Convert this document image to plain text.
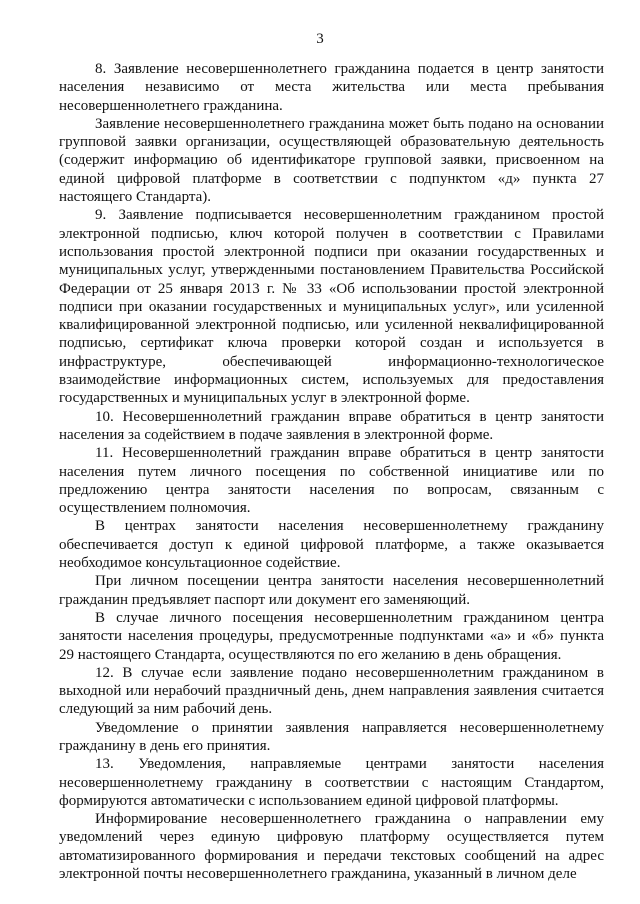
3

8. Заявление несовершеннолетнего гражданина подается в центр занятости населения независимо от места жительства или места пребывания несовершеннолетнего гражданина.

Заявление несовершеннолетнего гражданина может быть подано на основании групповой заявки организации, осуществляющей образовательную деятельность (содержит информацию об идентификаторе групповой заявки, присвоенном на единой цифровой платформе в соответствии с подпунктом «д» пункта 27 настоящего Стандарта).

9. Заявление подписывается несовершеннолетним гражданином простой электронной подписью, ключ которой получен в соответствии с Правилами использования простой электронной подписи при оказании государственных и муниципальных услуг, утвержденными постановлением Правительства Российской Федерации от 25 января 2013 г. № 33 «Об использовании простой электронной подписи при оказании государственных и муниципальных услуг», или усиленной квалифицированной электронной подписью, или усиленной неквалифицированной подписью, сертификат ключа проверки которой создан и используется в инфраструктуре, обеспечивающей информационно-технологическое взаимодействие информационных систем, используемых для предоставления государственных и муниципальных услуг в электронной форме.

10. Несовершеннолетний гражданин вправе обратиться в центр занятости населения за содействием в подаче заявления в электронной форме.

11. Несовершеннолетний гражданин вправе обратиться в центр занятости населения путем личного посещения по собственной инициативе или по предложению центра занятости населения по вопросам, связанным с осуществлением полномочия.

В центрах занятости населения несовершеннолетнему гражданину обеспечивается доступ к единой цифровой платформе, а также оказывается необходимое консультационное содействие.

При личном посещении центра занятости населения несовершеннолетний гражданин предъявляет паспорт или документ его заменяющий.

В случае личного посещения несовершеннолетним гражданином центра занятости населения процедуры, предусмотренные подпунктами «а» и «б» пункта 29 настоящего Стандарта, осуществляются по его желанию в день обращения.

12. В случае если заявление подано несовершеннолетним гражданином в выходной или нерабочий праздничный день, днем направления заявления считается следующий за ним рабочий день.

Уведомление о принятии заявления направляется несовершеннолетнему гражданину в день его принятия.

13. Уведомления, направляемые центрами занятости населения несовершеннолетнему гражданину в соответствии с настоящим Стандартом, формируются автоматически с использованием единой цифровой платформы.

Информирование несовершеннолетнего гражданина о направлении ему уведомлений через единую цифровую платформу осуществляется путем автоматизированного формирования и передачи текстовых сообщений на адрес электронной почты несовершеннолетнего гражданина, указанный в личном деле
